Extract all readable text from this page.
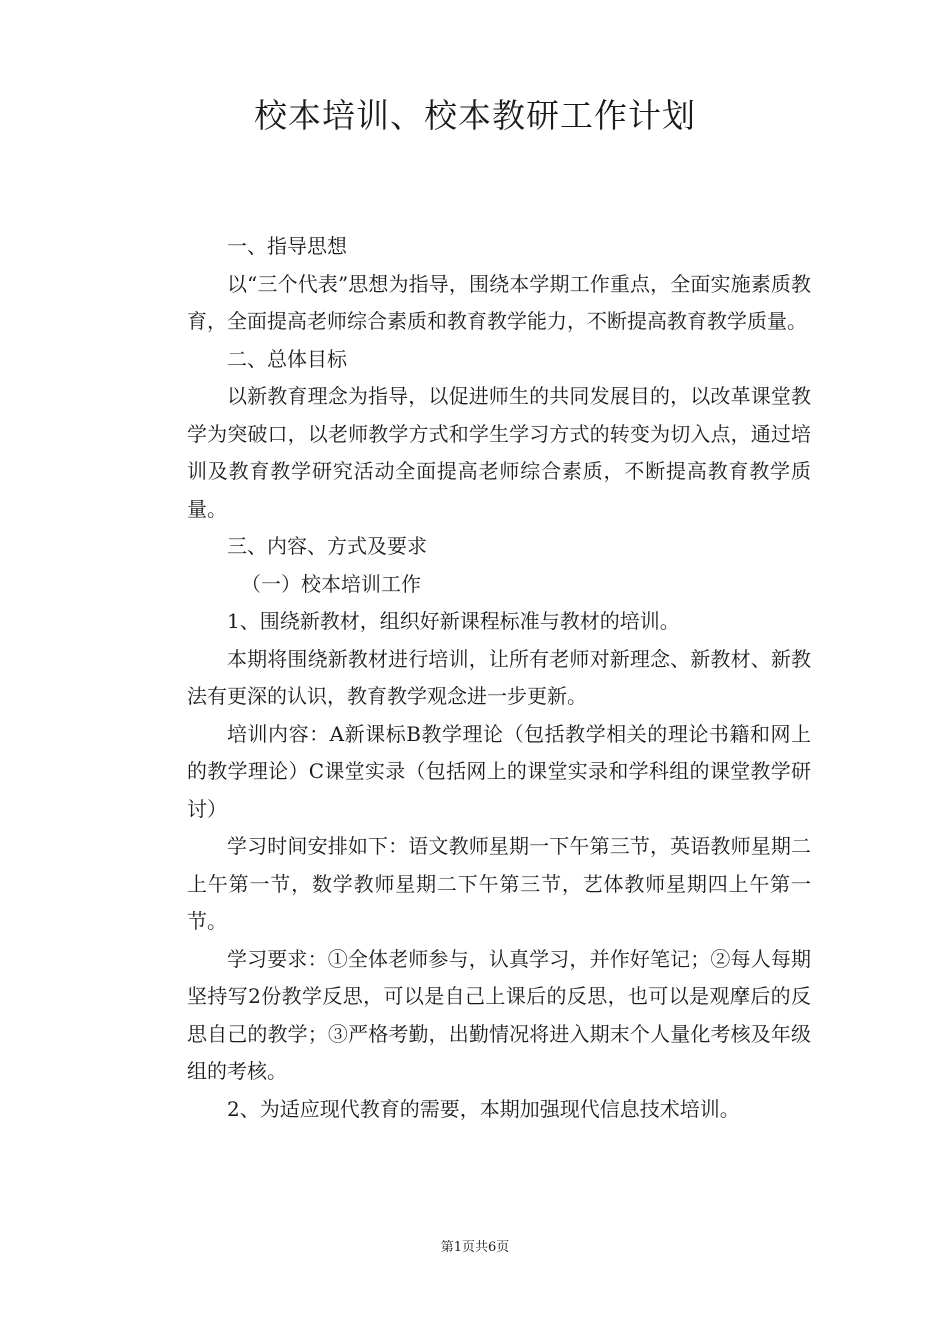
校本培训、校本教研工作计划

一、指导思想

以“三个代表”思想为指导，围绕本学期工作重点，全面实施素质教育，全面提高老师综合素质和教育教学能力，不断提高教育教学质量。

二、总体目标

以新教育理念为指导，以促进师生的共同发展目的，以改革课堂教学为突破口，以老师教学方式和学生学习方式的转变为切入点，通过培训及教育教学研究活动全面提高老师综合素质，不断提高教育教学质量。

三、内容、方式及要求

（一）校本培训工作

1、围绕新教材，组织好新课程标准与教材的培训。

本期将围绕新教材进行培训，让所有老师对新理念、新教材、新教法有更深的认识，教育教学观念进一步更新。

培训内容：A新课标B教学理论（包括教学相关的理论书籍和网上的教学理论）C课堂实录（包括网上的课堂实录和学科组的课堂教学研讨）

学习时间安排如下：语文教师星期一下午第三节，英语教师星期二上午第一节，数学教师星期二下午第三节，艺体教师星期四上午第一节。

学习要求：①全体老师参与，认真学习，并作好笔记；②每人每期坚持写2份教学反思，可以是自己上课后的反思，也可以是观摩后的反思自己的教学；③严格考勤，出勤情况将进入期末个人量化考核及年级组的考核。

2、为适应现代教育的需要，本期加强现代信息技术培训。

第1页共6页
